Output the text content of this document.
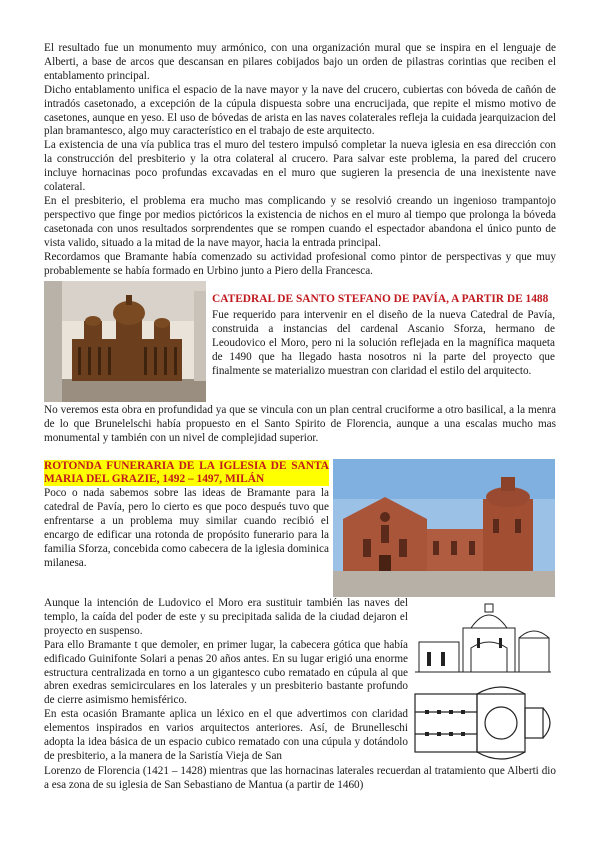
El resultado fue un monumento muy armónico, con una organización mural que se inspira en el lenguaje de Alberti, a base de arcos que descansan en pilares cobijados bajo un orden de pilastras corintias que reciben el entablamento principal.

Dicho entablamento unifica el espacio de la nave mayor y la nave del crucero, cubiertas con bóveda de cañón de intradós casetonado, a excepción de la cúpula dispuesta sobre una encrucijada, que repite el mismo motivo de casetones, aunque en yeso. El uso de bóvedas de arista en las naves colaterales refleja la cuidada jearquizacion del plan bramantesco, algo muy característico en el trabajo de este arquitecto.

La existencia de una vía publica tras el muro del testero impulsó completar la nueva iglesia en esa dirección con la construcción del presbiterio y la otra colateral al crucero. Para salvar este problema, la pared del crucero incluye hornacinas poco profundas excavadas en el muro que sugieren la presencia de una inexistente nave colateral.

En el presbiterio, el problema era mucho mas complicando y se resolvió creando un ingenioso trampantojo perspectivo que finge por medios pictóricos la existencia de nichos en el muro al tiempo que prolonga la bóveda casetonada con unos resultados sorprendentes que se rompen cuando el espectador abandona el único punto de vista valido, situado a la mitad de la nave mayor, hacia la entrada principal.

Recordamos que Bramante había comenzado su actividad profesional como pintor de perspectivas y que muy probablemente se había formado en Urbino junto a Piero della Francesca.

CATEDRAL DE SANTO STEFANO DE PAVÍA, A PARTIR DE 1488

Fue requerido para intervenir en el diseño de la nueva Catedral de Pavía, construida a instancias del cardenal Ascanio Sforza, hermano de Leoudovico el Moro, pero ni la solución reflejada en la magnífica maqueta de 1490 que ha llegado hasta nosotros ni la parte del proyecto que finalmente se materializo muestran con claridad el estilo del arquitecto.

No veremos esta obra en profundidad ya que se vincula con un plan central cruciforme a otro basilical, a la menra de lo que Brunelelschi había propuesto en el Santo Spirito de Florencia, aunque a una escalas mucho mas monumental y también con un nivel de complejidad superior.

ROTONDA FUNERARIA DE LA IGLESIA DE SANTA MARIA DEL GRAZIE, 1492 – 1497, MILÁN

Poco o nada sabemos sobre las ideas de Bramante para la catedral de Pavía, pero lo cierto es que poco después tuvo que enfrentarse a un problema muy similar cuando recibió el encargo de edificar una rotonda de propósito funerario para la familia Sforza, concebida como cabecera de la iglesia dominica milanesa.

Aunque la intención de Ludovico el Moro era sustituir también las naves del templo, la caída del poder de este y su precipitada salida de la ciudad dejaron el proyecto en suspenso.

Para ello Bramante t que demoler, en primer lugar, la cabecera gótica que había edificado Guinifonte Solari a penas 20 años antes. En su lugar erigió una enorme estructura centralizada en torno a un gigantesco cubo rematado en cúpula al que abren exedras semicirculares en los laterales y un presbiterio bastante profundo de cierre asimismo hemisférico.

En esta ocasión Bramante aplica un léxico en el que advertimos con claridad elementos inspirados en varios arquitectos anteriores. Así, de Brunelleschi adopta la idea básica de un espacio cubico rematado con una cúpula y dotándolo de presbiterio, a la manera de la Saristía Vieja de San

Lorenzo de Florencia (1421 – 1428) mientras que las hornacinas laterales recuerdan al tratamiento que Alberti dio a esa zona de su iglesia de San Sebastiano de Mantua (a partir de 1460)
